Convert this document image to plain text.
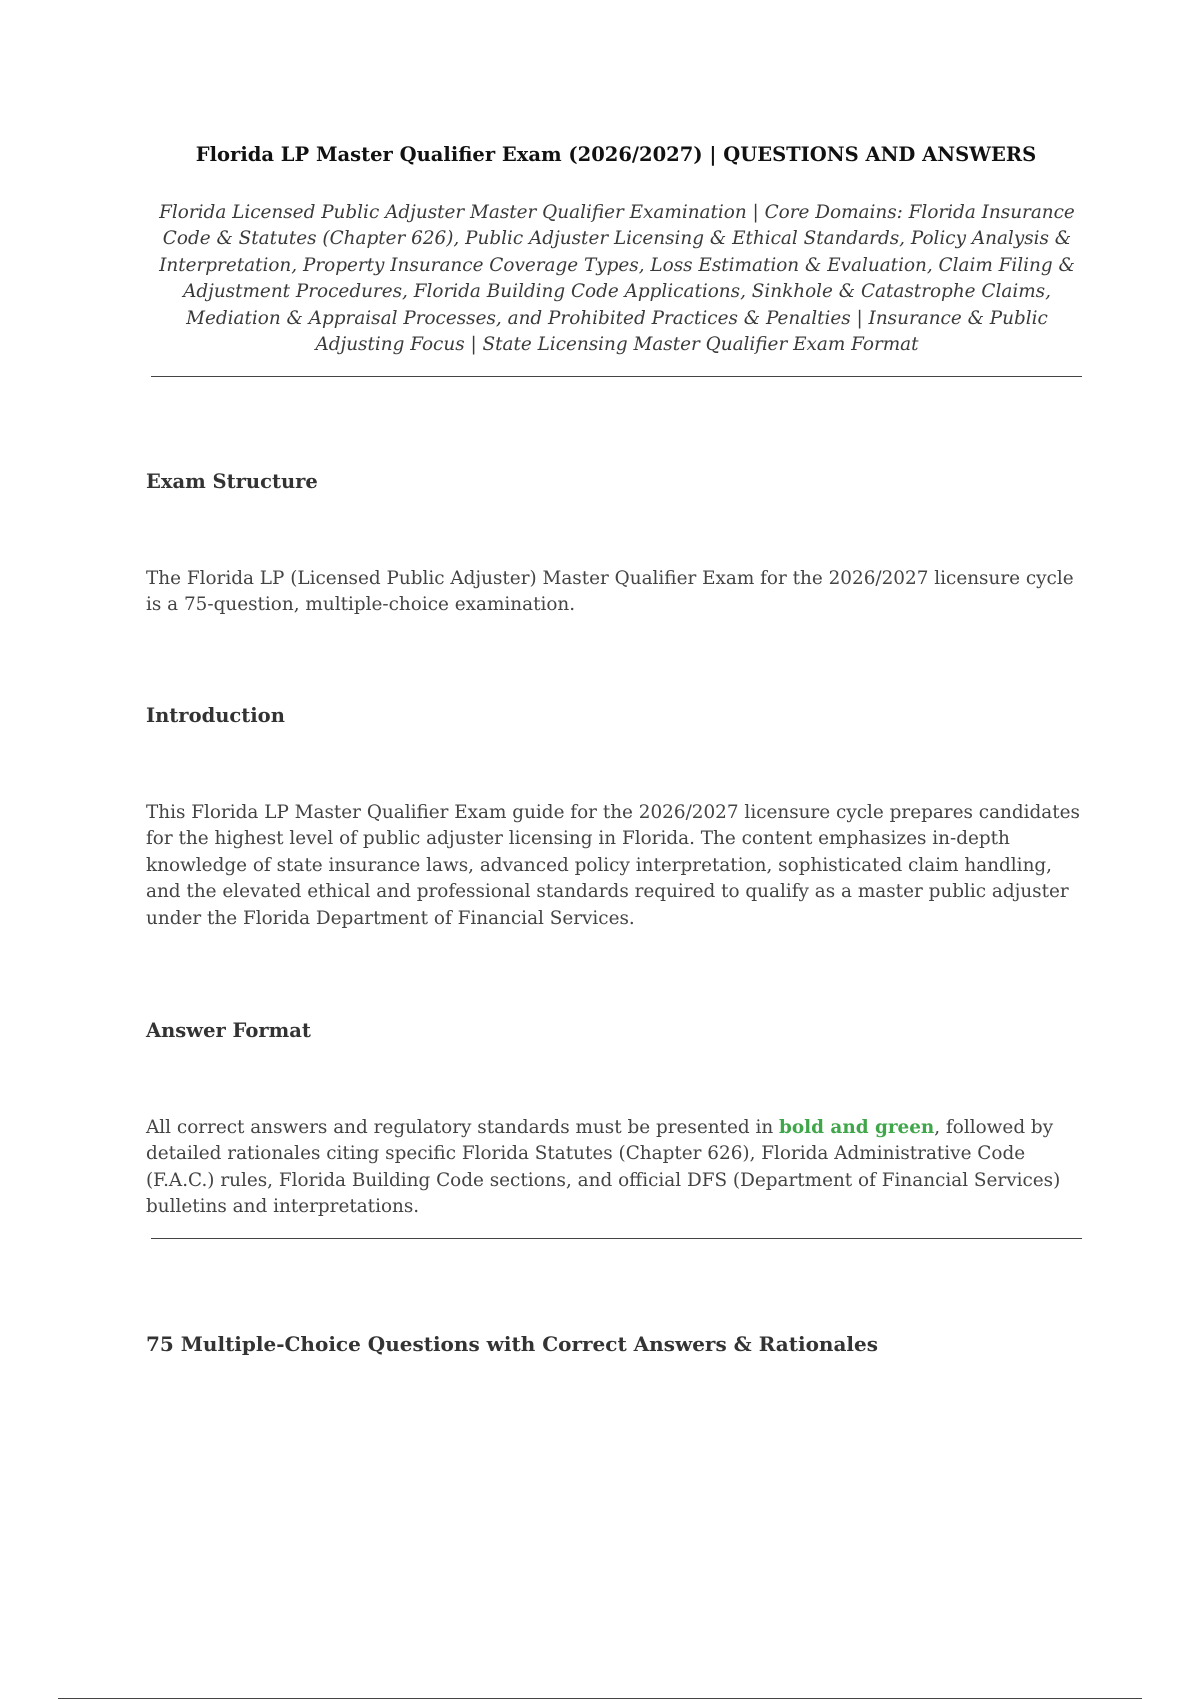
Florida LP Master Qualifier Exam (2026/2027) | QUESTIONS AND ANSWERS

Florida Licensed Public Adjuster Master Qualifier Examination | Core Domains: Florida Insurance Code & Statutes (Chapter 626), Public Adjuster Licensing & Ethical Standards, Policy Analysis & Interpretation, Property Insurance Coverage Types, Loss Estimation & Evaluation, Claim Filing & Adjustment Procedures, Florida Building Code Applications, Sinkhole & Catastrophe Claims, Mediation & Appraisal Processes, and Prohibited Practices & Penalties | Insurance & Public Adjusting Focus | State Licensing Master Qualifier Exam Format

Exam Structure

The Florida LP (Licensed Public Adjuster) Master Qualifier Exam for the 2026/2027 licensure cycle is a 75-question, multiple-choice examination.

Introduction

This Florida LP Master Qualifier Exam guide for the 2026/2027 licensure cycle prepares candidates for the highest level of public adjuster licensing in Florida. The content emphasizes in-depth knowledge of state insurance laws, advanced policy interpretation, sophisticated claim handling, and the elevated ethical and professional standards required to qualify as a master public adjuster under the Florida Department of Financial Services.

Answer Format

All correct answers and regulatory standards must be presented in bold and green, followed by detailed rationales citing specific Florida Statutes (Chapter 626), Florida Administrative Code (F.A.C.) rules, Florida Building Code sections, and official DFS (Department of Financial Services) bulletins and interpretations.

75 Multiple-Choice Questions with Correct Answers & Rationales
